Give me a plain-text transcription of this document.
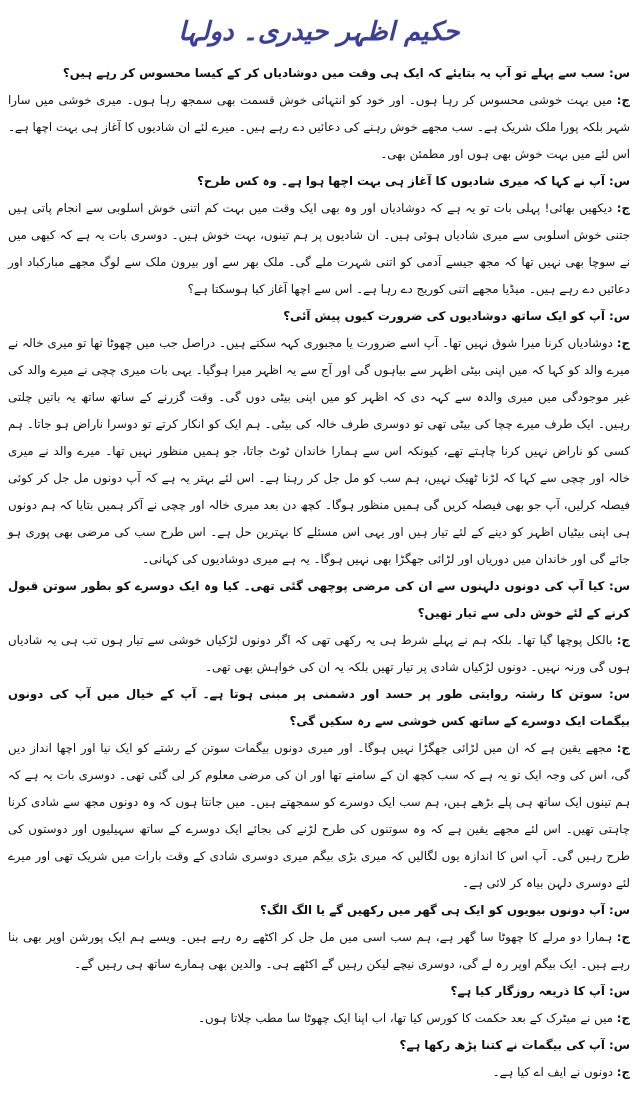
حکیم اظہر حیدری۔ دولہا

س: سب سے پہلے تو آپ یہ بتایئے کہ ایک ہی وقت میں دوشادیاں کر کے کیسا محسوس کر رہے ہیں؟

ج: میں بہت خوشی محسوس کر رہا ہوں۔ اور خود کو انتہائی خوش قسمت بھی سمجھ رہا ہوں۔ میری خوشی میں سارا شہر بلکہ پورا ملک شریک ہے۔ سب مجھے خوش رہنے کی دعائیں دے رہے ہیں۔ میرے لئے ان شادیوں کا آغاز ہی بہت اچھا ہے۔ اس لئے میں بہت خوش بھی ہوں اور مطمئن بھی۔

س: آپ نے کہا کہ میری شادیوں کا آغاز ہی بہت اچھا ہوا ہے۔ وہ کس طرح؟

ج: دیکھیں بھائی! پہلی بات تو یہ ہے کہ دوشادیاں اور وہ بھی ایک وقت میں بہت کم اتنی خوش اسلوبی سے انجام پاتی ہیں جتنی خوش اسلوبی سے میری شادیاں ہوئی ہیں۔ ان شادیوں پر ہم تینوں، بہت خوش ہیں۔ دوسری بات یہ ہے کہ کبھی میں نے سوچا بھی نہیں تھا کہ مجھ جیسے آدمی کو اتنی شہرت ملے گی۔ ملک بھر سے اور بیرون ملک سے لوگ مجھے مبارکباد اور دعائیں دے رہے ہیں۔ میڈیا مجھے اتنی کوریج دے رہا ہے۔ اس سے اچھا آغاز کیا ہوسکتا ہے؟

س: آپ کو ایک ساتھ دوشادیوں کی ضرورت کیوں پیش آئی؟

ج: دوشادیاں کرنا میرا شوق نہیں تھا۔ آپ اسے ضرورت یا مجبوری کہہ سکتے ہیں۔ دراصل جب میں چھوٹا تھا تو میری خالہ نے میرے والد کو کہا کہ میں اپنی بیٹی اظہر سے بیاہوں گی اور آج سے یہ اظہر میرا ہوگیا۔ یہی بات میری چچی نے میرے والد کی غیر موجودگی میں میری والدہ سے کہہ دی کہ اظہر کو میں اپنی بیٹی دوں گی۔ وقت گزرنے کے ساتھ ساتھ یہ باتیں چلتی رہیں۔ ایک طرف میرے چچا کی بیٹی تھی تو دوسری طرف خالہ کی بیٹی۔ ہم ایک کو انکار کرتے تو دوسرا ناراض ہو جاتا۔ ہم کسی کو ناراض نہیں کرنا چاہتے تھے، کیونکہ اس سے ہمارا خاندان ٹوٹ جاتا، جو ہمیں منظور نہیں تھا۔ میرے والد نے میری خالہ اور چچی سے کہا کہ لڑنا ٹھیک نہیں، ہم سب کو مل جل کر رہنا ہے۔ اس لئے بہتر یہ ہے کہ آپ دونوں مل جل کر کوئی فیصلہ کرلیں، آپ جو بھی فیصلہ کریں گی ہمیں منظور ہوگا۔ کچھ دن بعد میری خالہ اور چچی نے آکر ہمیں بتایا کہ ہم دونوں ہی اپنی بیٹیاں اظہر کو دینے کے لئے تیار ہیں اور یہی اس مسئلے کا بہترین حل ہے۔ اس طرح سب کی مرضی بھی پوری ہو جائے گی اور خاندان میں دوریاں اور لڑائی جھگڑا بھی نہیں ہوگا۔ یہ ہے میری دوشادیوں کی کہانی۔

س: کیا آپ کی دونوں دلہنوں سے ان کی مرضی پوچھی گئی تھی۔ کیا وہ ایک دوسرے کو بطور سوتن قبول کرنے کے لئے خوش دلی سے تیار تھیں؟

ج: بالکل پوچھا گیا تھا۔ بلکہ ہم نے پہلے شرط ہی یہ رکھی تھی کہ اگر دونوں لڑکیاں خوشی سے تیار ہوں تب ہی یہ شادیاں ہوں گی ورنہ نہیں۔ دونوں لڑکیاں شادی پر تیار تھیں بلکہ یہ ان کی خواہش بھی تھی۔

س: سوتن کا رشتہ روایتی طور پر حسد اور دشمنی پر مبنی ہوتا ہے۔ آپ کے خیال میں آپ کی دونوں بیگمات ایک دوسرے کے ساتھ کس خوشی سے رہ سکیں گی؟

ج: مجھے یقین ہے کہ ان میں لڑائی جھگڑا نہیں ہوگا۔ اور میری دونوں بیگمات سوتن کے رشتے کو ایک نیا اور اچھا انداز دیں گی، اس کی وجہ ایک تو یہ ہے کہ سب کچھ ان کے سامنے تھا اور ان کی مرضی معلوم کر لی گئی تھی۔ دوسری بات یہ ہے کہ ہم تینوں ایک ساتھ ہی پلے بڑھے ہیں، ہم سب ایک دوسرے کو سمجھتے ہیں۔ میں جانتا ہوں کہ وہ دونوں مجھ سے شادی کرنا چاہتی تھیں۔ اس لئے مجھے یقین ہے کہ وہ سوتنوں کی طرح لڑنے کی بجائے ایک دوسرے کے ساتھ سہیلیوں اور دوستوں کی طرح رہیں گی۔ آپ اس کا اندازہ یوں لگالیں کہ میری بڑی بیگم میری دوسری شادی کے وقت بارات میں شریک تھی اور میرے لئے دوسری دلہن بیاہ کر لائی ہے۔

س: آپ دونوں بیویوں کو ایک ہی گھر میں رکھیں گے یا الگ الگ؟

ج: ہمارا دو مرلے کا چھوٹا سا گھر ہے، ہم سب اسی میں مل جل کر اکٹھے رہ رہے ہیں۔ ویسے ہم ایک پورشن اوپر بھی بنا رہے ہیں۔ ایک بیگم اوپر رہ لے گی، دوسری نیچے لیکن رہیں گے اکٹھے ہی۔ والدین بھی ہمارے ساتھ ہی رہیں گے۔

س: آپ کا ذریعہ روزگار کیا ہے؟

ج: میں نے میٹرک کے بعد حکمت کا کورس کیا تھا، اب اپنا ایک چھوٹا سا مطب چلاتا ہوں۔

س: آپ کی بیگمات نے کتنا پڑھ رکھا ہے؟

ج: دونوں نے ایف اے کیا ہے۔
